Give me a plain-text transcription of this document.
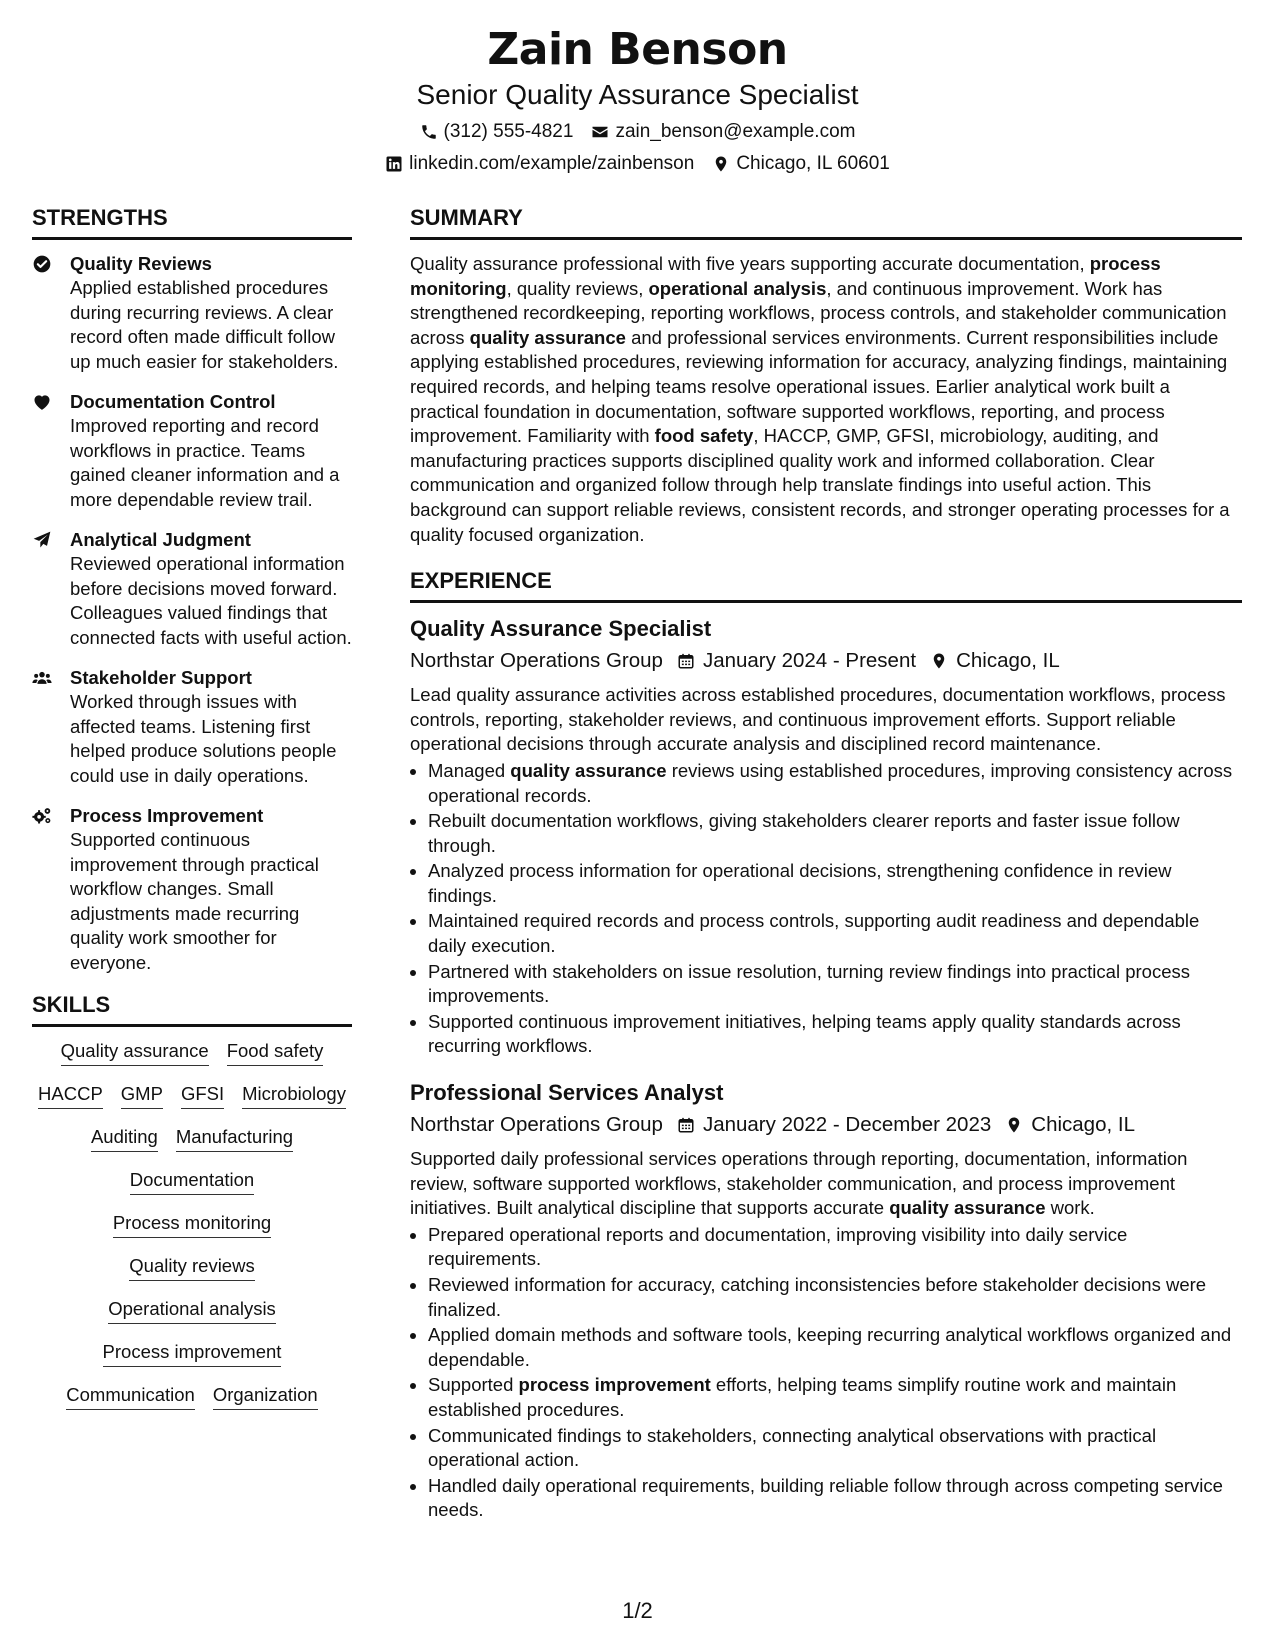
Zain Benson
Senior Quality Assurance Specialist
(312) 555-4821 zain_benson@example.com
linkedin.com/example/zainbenson Chicago, IL 60601
STRENGTHS
Quality Reviews
Applied established procedures during recurring reviews. A clear record often made difficult follow up much easier for stakeholders.
Documentation Control
Improved reporting and record workflows in practice. Teams gained cleaner information and a more dependable review trail.
Analytical Judgment
Reviewed operational information before decisions moved forward. Colleagues valued findings that connected facts with useful action.
Stakeholder Support
Worked through issues with affected teams. Listening first helped produce solutions people could use in daily operations.
Process Improvement
Supported continuous improvement through practical workflow changes. Small adjustments made recurring quality work smoother for everyone.
SKILLS
Quality assurance Food safety
HACCP GMP GFSI Microbiology
Auditing Manufacturing
Documentation
Process monitoring
Quality reviews
Operational analysis
Process improvement
Communication Organization
SUMMARY
Quality assurance professional with five years supporting accurate documentation, process monitoring, quality reviews, operational analysis, and continuous improvement. Work has strengthened recordkeeping, reporting workflows, process controls, and stakeholder communication across quality assurance and professional services environments. Current responsibilities include applying established procedures, reviewing information for accuracy, analyzing findings, maintaining required records, and helping teams resolve operational issues. Earlier analytical work built a practical foundation in documentation, software supported workflows, reporting, and process improvement. Familiarity with food safety, HACCP, GMP, GFSI, microbiology, auditing, and manufacturing practices supports disciplined quality work and informed collaboration. Clear communication and organized follow through help translate findings into useful action. This background can support reliable reviews, consistent records, and stronger operating processes for a quality focused organization.
EXPERIENCE
Quality Assurance Specialist
Northstar Operations Group January 2024 - Present Chicago, IL
Lead quality assurance activities across established procedures, documentation workflows, process controls, reporting, stakeholder reviews, and continuous improvement efforts. Support reliable operational decisions through accurate analysis and disciplined record maintenance.
• Managed quality assurance reviews using established procedures, improving consistency across operational records.
• Rebuilt documentation workflows, giving stakeholders clearer reports and faster issue follow through.
• Analyzed process information for operational decisions, strengthening confidence in review findings.
• Maintained required records and process controls, supporting audit readiness and dependable daily execution.
• Partnered with stakeholders on issue resolution, turning review findings into practical process improvements.
• Supported continuous improvement initiatives, helping teams apply quality standards across recurring workflows.
Professional Services Analyst
Northstar Operations Group January 2022 - December 2023 Chicago, IL
Supported daily professional services operations through reporting, documentation, information review, software supported workflows, stakeholder communication, and process improvement initiatives. Built analytical discipline that supports accurate quality assurance work.
• Prepared operational reports and documentation, improving visibility into daily service requirements.
• Reviewed information for accuracy, catching inconsistencies before stakeholder decisions were finalized.
• Applied domain methods and software tools, keeping recurring analytical workflows organized and dependable.
• Supported process improvement efforts, helping teams simplify routine work and maintain established procedures.
• Communicated findings to stakeholders, connecting analytical observations with practical operational action.
• Handled daily operational requirements, building reliable follow through across competing service needs.
1/2
